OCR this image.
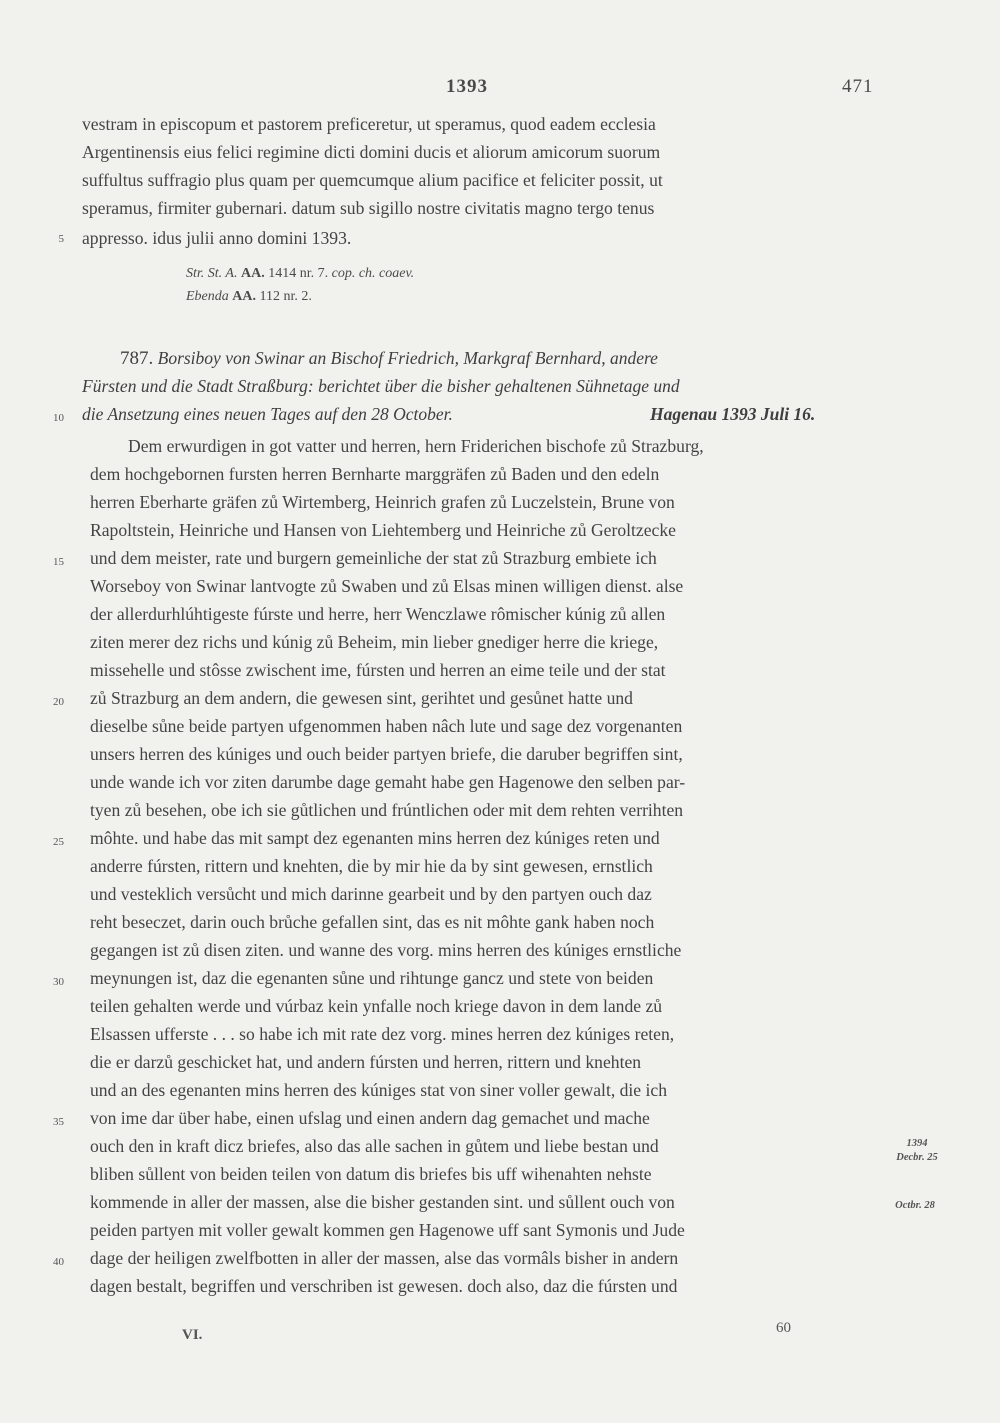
1393	471
vestram in episcopum et pastorem preficeretur, ut speramus, quod eadem ecclesia
Argentinensis eius felici regimine dicti domini ducis et aliorum amicorum suorum
suffultus suffragio plus quam per quemcumque alium pacifice et feliciter possit, ut
speramus, firmiter gubernari. datum sub sigillo nostre civitatis magno tergo tenus
5 appresso. idus julii anno domini 1393.
Str. St. A. AA. 1414 nr. 7. cop. ch. coaev.
Ebenda AA. 112 nr. 2.
787. Borsiboy von Swinar an Bischof Friedrich, Markgraf Bernhard, andere
Fürsten und die Stadt Straßburg: berichtet über die bisher gehaltenen Sühnetage und
10 die Ansetzung eines neuen Tages auf den 28 October.	Hagenau 1393 Juli 16.
Dem erwurdigen in got vatter und herren, hern Friderichen bischofe zů Strazburg,
dem hochgebornen fursten herren Bernharte marggräfen zů Baden und den edeln
herren Eberharte gräfen zů Wirtemberg, Heinrich grafen zů Luczelstein, Brune von
Rapoltstein, Heinriche und Hansen von Liehtemberg und Heinriche zů Geroltzecke
15 und dem meister, rate und burgern gemeinliche der stat zů Strazburg embiete ich
Worseboy von Swinar lantvogte zů Swaben und zů Elsas minen willigen dienst. alse
der allerdurhlúhtigeste fúrste und herre, herr Wenczlawe rômischer kúnig zů allen
ziten merer dez richs und kúnig zů Beheim, min lieber gnediger herre die kriege,
missehelle und stôsse zwischent ime, fúrsten und herren an eime teile und der stat
20 zů Strazburg an dem andern, die gewesen sint, gerihtet und gesůnet hatte und
dieselbe sůne beide partyen ufgenommen haben nâch lute und sage dez vorgenanten
unsers herren des kúniges und ouch beider partyen briefe, die daruber begriffen sint,
unde wande ich vor ziten darumbe dage gemaht habe gen Hagenowe den selben par-
tyen zů besehen, obe ich sie gůtlichen und frúntlichen oder mit dem rehten verrihten
25 môhte. und habe das mit sampt dez egenanten mins herren dez kúniges reten und
anderre fúrsten, rittern und knehten, die by mir hie da by sint gewesen, ernstlich
und vesteklich versůcht und mich darinne gearbeit und by den partyen ouch daz
reht beseczet, darin ouch brůche gefallen sint, das es nit môhte gank haben noch
gegangen ist zů disen ziten. und wanne des vorg. mins herren des kúniges ernstliche
30 meynungen ist, daz die egenanten sůne und rihtunge gancz und stete von beiden
teilen gehalten werde und vúrbaz kein ynfalle noch kriege davon in dem lande zů
Elsassen ufferste . . . so habe ich mit rate dez vorg. mines herren dez kúniges reten,
die er darzů geschicket hat, und andern fúrsten und herren, rittern und knehten
und an des egenanten mins herren des kúniges stat von siner voller gewalt, die ich
35 von ime dar über habe, einen ufslag und einen andern dag gemachet und mache
ouch den in kraft dicz briefes, also das alle sachen in gůtem und liebe bestan und
bliben sůllent von beiden teilen von datum dis briefes bis uff wihenahten nehste
kommende in aller der massen, alse die bisher gestanden sint. und sůllent ouch von
peiden partyen mit voller gewalt kommen gen Hagenowe uff sant Symonis und Jude
40 dage der heiligen zwelfbotten in aller der massen, alse das vormâls bisher in andern
dagen bestalt, begriffen und verschriben ist gewesen. doch also, daz die fúrsten und
1394
Decbr. 25
Octbr. 28
VI.	60
